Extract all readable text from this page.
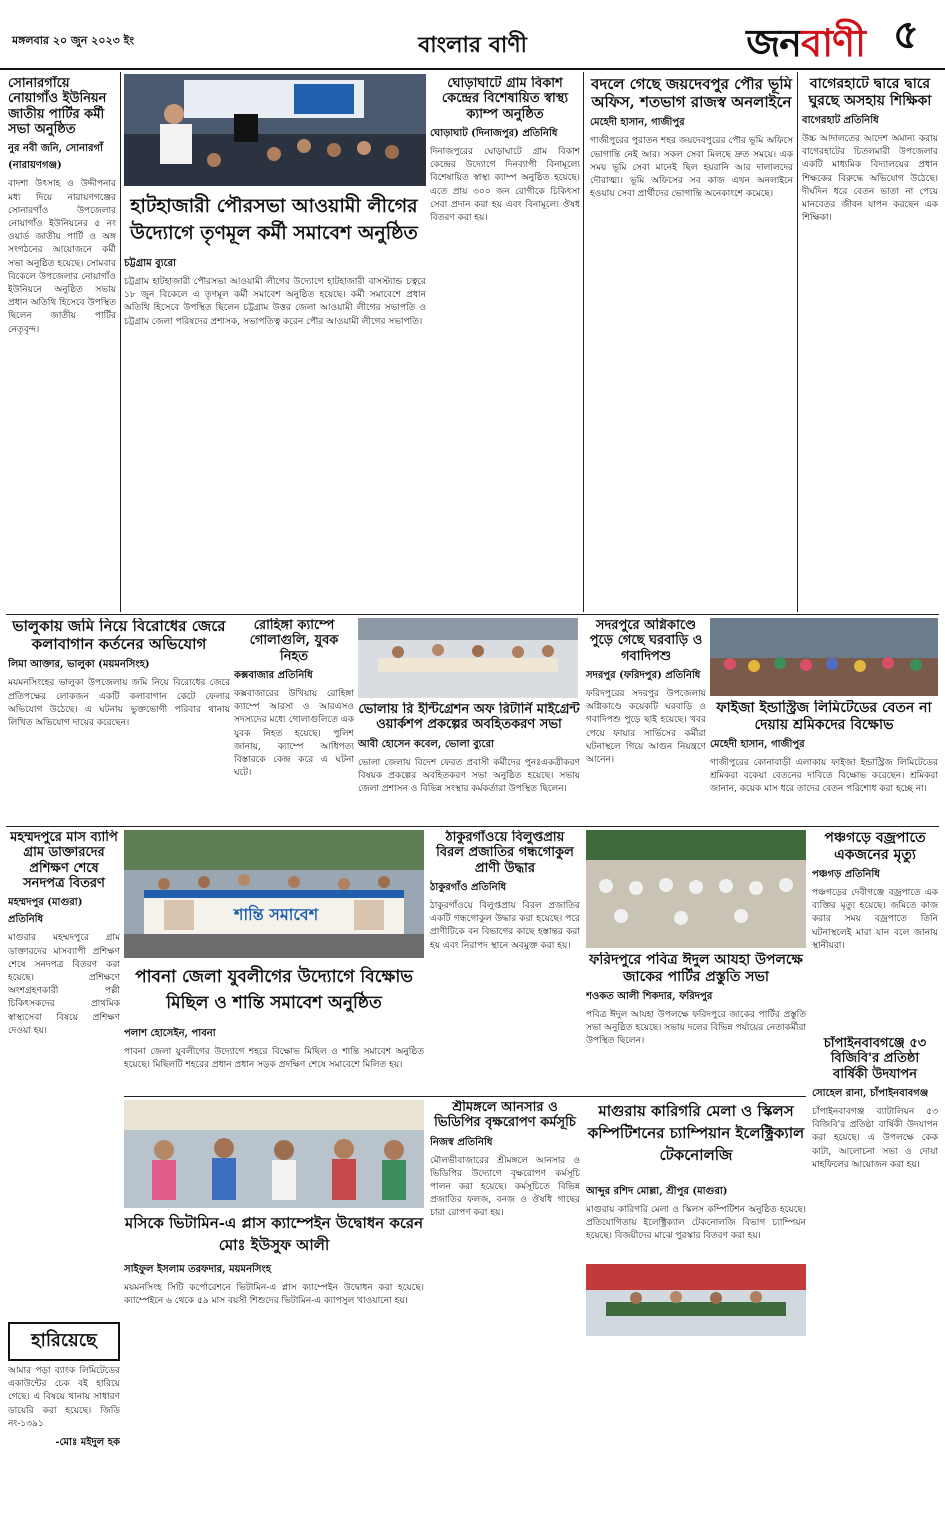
মঙ্গলবার ২০ জুন ২০২৩ ইং	বাংলার বাণী	জনবাণী ৫
সোনারগাঁয়ে নোয়াগাঁও ইউনিয়ন জাতীয় পার্টির কর্মী সভা অনুষ্ঠিত
নুর নবী জনি, সোনারগাঁ (নারায়ণগঞ্জ)
বাদশা উৎসাহ ও উদ্দীপনার মধ্য দিয়ে নারায়ণগঞ্জের সোনারগাঁও উপজেলার নোয়াগাঁও ইউনিয়নের ৫ নং ওয়ার্ড জাতীয় পার্টি ও অঙ্গ সংগঠনের আয়োজনে কর্মী সভা অনুষ্ঠিত হয়েছে। সোমবার বিকেলে উপজেলার নোয়াগাঁও ইউনিয়নে অনুষ্ঠিত সভায় প্রধান অতিথি হিসেবে উপস্থিত ছিলেন জাতীয় পার্টির নেতৃবৃন্দ।
হাটহাজারী পৌরসভা আওয়ামী লীগের উদ্যোগে তৃণমূল কর্মী সমাবেশ অনুষ্ঠিত
চট্টগ্রাম ব্যুরো
চট্টগ্রাম হাটহাজারী পৌরসভা আওয়ামী লীগের উদ্যোগে হাটহাজারী বাসস্ট্যান্ড চত্বরে ১৮ জুন বিকেলে এ তৃণমূল কর্মী সমাবেশ অনুষ্ঠিত হয়েছে। কর্মী সমাবেশে প্রধান অতিথি হিসেবে উপস্থিত ছিলেন চট্টগ্রাম উত্তর জেলা আওয়ামী লীগের সভাপতি ও চট্টগ্রাম জেলা পরিষদের প্রশাসক, সভাপতিত্ব করেন পৌর আওয়ামী লীগের সভাপতি।
ঘোড়াঘাটে গ্রাম বিকাশ কেন্দ্রের বিশেষায়িত স্বাস্থ্য ক্যাম্প অনুষ্ঠিত
ঘোড়াঘাট (দিনাজপুর) প্রতিনিধি
দিনাজপুরের ঘোড়াঘাটে গ্রাম বিকাশ কেন্দ্রের উদ্যোগে দিনব্যাপী বিনামূল্যে বিশেষায়িত স্বাস্থ্য ক্যাম্প অনুষ্ঠিত হয়েছে। এতে প্রায় ৩০০ জন রোগীকে চিকিৎসা সেবা প্রদান করা হয় এবং বিনামূল্যে ঔষধ বিতরণ করা হয়।
বদলে গেছে জয়দেবপুর পৌর ভূমি অফিস, শতভাগ রাজস্ব অনলাইনে
মেহেদী হাসান, গাজীপুর
গাজীপুরের পুরাতন শহর জয়দেবপুরের পৌর ভূমি অফিসে ভোগান্তি নেই আর। সকল সেবা মিলছে দ্রুত সময়ে। এক সময় ভূমি সেবা মানেই ছিল হয়রানি আর দালালদের দৌরাত্ম্য। ভূমি অফিসের সব কাজ এখন অনলাইনে হওয়ায় সেবা প্রার্থীদের ভোগান্তি অনেকাংশে কমেছে।
বাগেরহাটে দ্বারে দ্বারে ঘুরছে অসহায় শিক্ষিকা
বাগেরহাট প্রতিনিধি
উচ্চ আদালতের আদেশ অমান্য করায় বাগেরহাটের চিতলমারী উপজেলার একটি মাধ্যমিক বিদ্যালয়ের প্রধান শিক্ষকের বিরুদ্ধে অভিযোগ উঠেছে। দীর্ঘদিন ধরে বেতন ভাতা না পেয়ে মানবেতর জীবন যাপন করছেন এক শিক্ষিকা।
ভালুকায় জমি নিয়ে বিরোধের জেরে কলাবাগান কর্তনের অভিযোগ
লিমা আক্তার, ভালুকা (ময়মনসিংহ)
ময়মনসিংহের ভালুকা উপজেলায় জমি নিয়ে বিরোধের জেরে প্রতিপক্ষের লোকজন একটি কলাবাগান কেটে ফেলার অভিযোগ উঠেছে। এ ঘটনায় ভুক্তভোগী পরিবার থানায় লিখিত অভিযোগ দায়ের করেছেন।
রোহিঙ্গা ক্যাম্পে গোলাগুলি, যুবক নিহত
কক্সবাজার প্রতিনিধি
কক্সবাজারের উখিয়ায় রোহিঙ্গা ক্যাম্পে আরসা ও আরএসও সদস্যদের মধ্যে গোলাগুলিতে এক যুবক নিহত হয়েছে। পুলিশ জানায়, ক্যাম্পে আধিপত্য বিস্তারকে কেন্দ্র করে এ ঘটনা ঘটে।
ভোলায় রি ইন্টিগ্রেশন অফ রিটার্নি মাইগ্রেন্ট ওয়ার্কশপ প্রকল্পের অবহিতকরণ সভা
আবী হোসেন কবেল, ভোলা ব্যুরো
ভোলা জেলায় বিদেশ ফেরত প্রবাসী কর্মীদের পুনঃএকত্রীকরণ বিষয়ক প্রকল্পের অবহিতকরণ সভা অনুষ্ঠিত হয়েছে। সভায় জেলা প্রশাসন ও বিভিন্ন সংস্থার কর্মকর্তারা উপস্থিত ছিলেন।
সদরপুরে অগ্নিকাণ্ডে পুড়ে গেছে ঘরবাড়ি ও গবাদিপশু
সদরপুর (ফরিদপুর) প্রতিনিধি
ফরিদপুরের সদরপুর উপজেলায় অগ্নিকাণ্ডে কয়েকটি ঘরবাড়ি ও গবাদিপশু পুড়ে ছাই হয়েছে। খবর পেয়ে ফায়ার সার্ভিসের কর্মীরা ঘটনাস্থলে গিয়ে আগুন নিয়ন্ত্রণে আনেন।
ফাইজা ইন্ডাস্ট্রিজ লিমিটেডের বেতন না দেয়ায় শ্রমিকদের বিক্ষোভ
মেহেদী হাসান, গাজীপুর
গাজীপুরের কোনাবাড়ী এলাকায় ফাইজা ইন্ডাস্ট্রিজ লিমিটেডের শ্রমিকরা বকেয়া বেতনের দাবিতে বিক্ষোভ করেছেন। শ্রমিকরা জানান, কয়েক মাস ধরে তাদের বেতন পরিশোধ করা হচ্ছে না।
মহম্মদপুরে মাস ব্যাপি গ্রাম ডাক্তারদের প্রশিক্ষণ শেষে সনদপত্র বিতরণ
মহম্মদপুর (মাগুরা) প্রতিনিধি
মাগুরার মহম্মদপুরে গ্রাম ডাক্তারদের মাসব্যাপী প্রশিক্ষণ শেষে সনদপত্র বিতরণ করা হয়েছে। প্রশিক্ষণে অংশগ্রহণকারী পল্লী চিকিৎসকদের প্রাথমিক স্বাস্থ্যসেবা বিষয়ে প্রশিক্ষণ দেওয়া হয়।
শান্তি সমাবেশ
পাবনা জেলা যুবলীগের উদ্যোগে বিক্ষোভ মিছিল ও শান্তি সমাবেশ অনুষ্ঠিত
পলাশ হোসেইন, পাবনা
পাবনা জেলা যুবলীগের উদ্যোগে শহরে বিক্ষোভ মিছিল ও শান্তি সমাবেশ অনুষ্ঠিত হয়েছে। মিছিলটি শহরের প্রধান প্রধান সড়ক প্রদক্ষিণ শেষে সমাবেশে মিলিত হয়।
ঠাকুরগাঁওয়ে বিলুপ্তপ্রায় বিরল প্রজাতির গন্ধগোকুল প্রাণী উদ্ধার
ঠাকুরগাঁও প্রতিনিধি
ঠাকুরগাঁওয়ে বিলুপ্তপ্রায় বিরল প্রজাতির একটি গন্ধগোকুল উদ্ধার করা হয়েছে। পরে প্রাণীটিকে বন বিভাগের কাছে হস্তান্তর করা হয় এবং নিরাপদ স্থানে অবমুক্ত করা হয়।
ফরিদপুরে পবিত্র ঈদুল আযহা উপলক্ষে জাকের পার্টির প্রস্তুতি সভা
শওকত আলী শিকদার, ফরিদপুর
পবিত্র ঈদুল আযহা উপলক্ষে ফরিদপুরে জাকের পার্টির প্রস্তুতি সভা অনুষ্ঠিত হয়েছে। সভায় দলের বিভিন্ন পর্যায়ের নেতাকর্মীরা উপস্থিত ছিলেন।
পঞ্চগড়ে বজ্রপাতে একজনের মৃত্যু
পঞ্চগড় প্রতিনিধি
পঞ্চগড়ের দেবীগঞ্জে বজ্রপাতে এক ব্যক্তির মৃত্যু হয়েছে। জমিতে কাজ করার সময় বজ্রপাতে তিনি ঘটনাস্থলেই মারা যান বলে জানায় স্থানীয়রা।
চাঁপাইনবাবগঞ্জে ৫৩ বিজিবি'র প্রতিষ্ঠা বার্ষিকী উদযাপন
সোহেল রানা, চাঁপাইনবাবগঞ্জ
চাঁপাইনবাবগঞ্জ ব্যাটালিয়ন ৫৩ বিজিবি'র প্রতিষ্ঠা বার্ষিকী উদযাপন করা হয়েছে। এ উপলক্ষে কেক কাটা, আলোচনা সভা ও দোয়া মাহফিলের আয়োজন করা হয়।
মসিকে ভিটামিন-এ প্লাস ক্যাম্পেইন উদ্বোধন করেন মোঃ ইউসুফ আলী
সাইফুল ইসলাম তরফদার, ময়মনসিংহ
ময়মনসিংহ সিটি কর্পোরেশনে ভিটামিন-এ প্লাস ক্যাম্পেইন উদ্বোধন করা হয়েছে। ক্যাম্পেইনে ৬ থেকে ৫৯ মাস বয়সী শিশুদের ভিটামিন-এ ক্যাপসুল খাওয়ানো হয়।
শ্রীমঙ্গলে আনসার ও ভিডিপির বৃক্ষরোপণ কর্মসূচি
নিজস্ব প্রতিনিধি
মৌলভীবাজারের শ্রীমঙ্গলে আনসার ও ভিডিপির উদ্যোগে বৃক্ষরোপণ কর্মসূচি পালন করা হয়েছে। কর্মসূচিতে বিভিন্ন প্রজাতির ফলজ, বনজ ও ঔষধি গাছের চারা রোপণ করা হয়।
মাগুরায় কারিগরি মেলা ও স্কিলস কম্পিটিশনের চ্যাম্পিয়ান ইলেক্ট্রিক্যাল টেকনোলজি
আব্দুর রশিদ মোল্লা, শ্রীপুর (মাগুরা)
মাগুরায় কারিগরি মেলা ও স্কিলস কম্পিটিশন অনুষ্ঠিত হয়েছে। প্রতিযোগিতায় ইলেক্ট্রিক্যাল টেকনোলজি বিভাগ চ্যাম্পিয়ন হয়েছে। বিজয়ীদের মাঝে পুরস্কার বিতরণ করা হয়।
হারিয়েছে
আমার পড়া ব্যাংক লিমিটেডের একাউন্টের চেক বই হারিয়ে গেছে। এ বিষয়ে থানায় সাধারণ ডায়েরি করা হয়েছে। জিডি নং-১৩৯১
-মোঃ মইদুল হক
